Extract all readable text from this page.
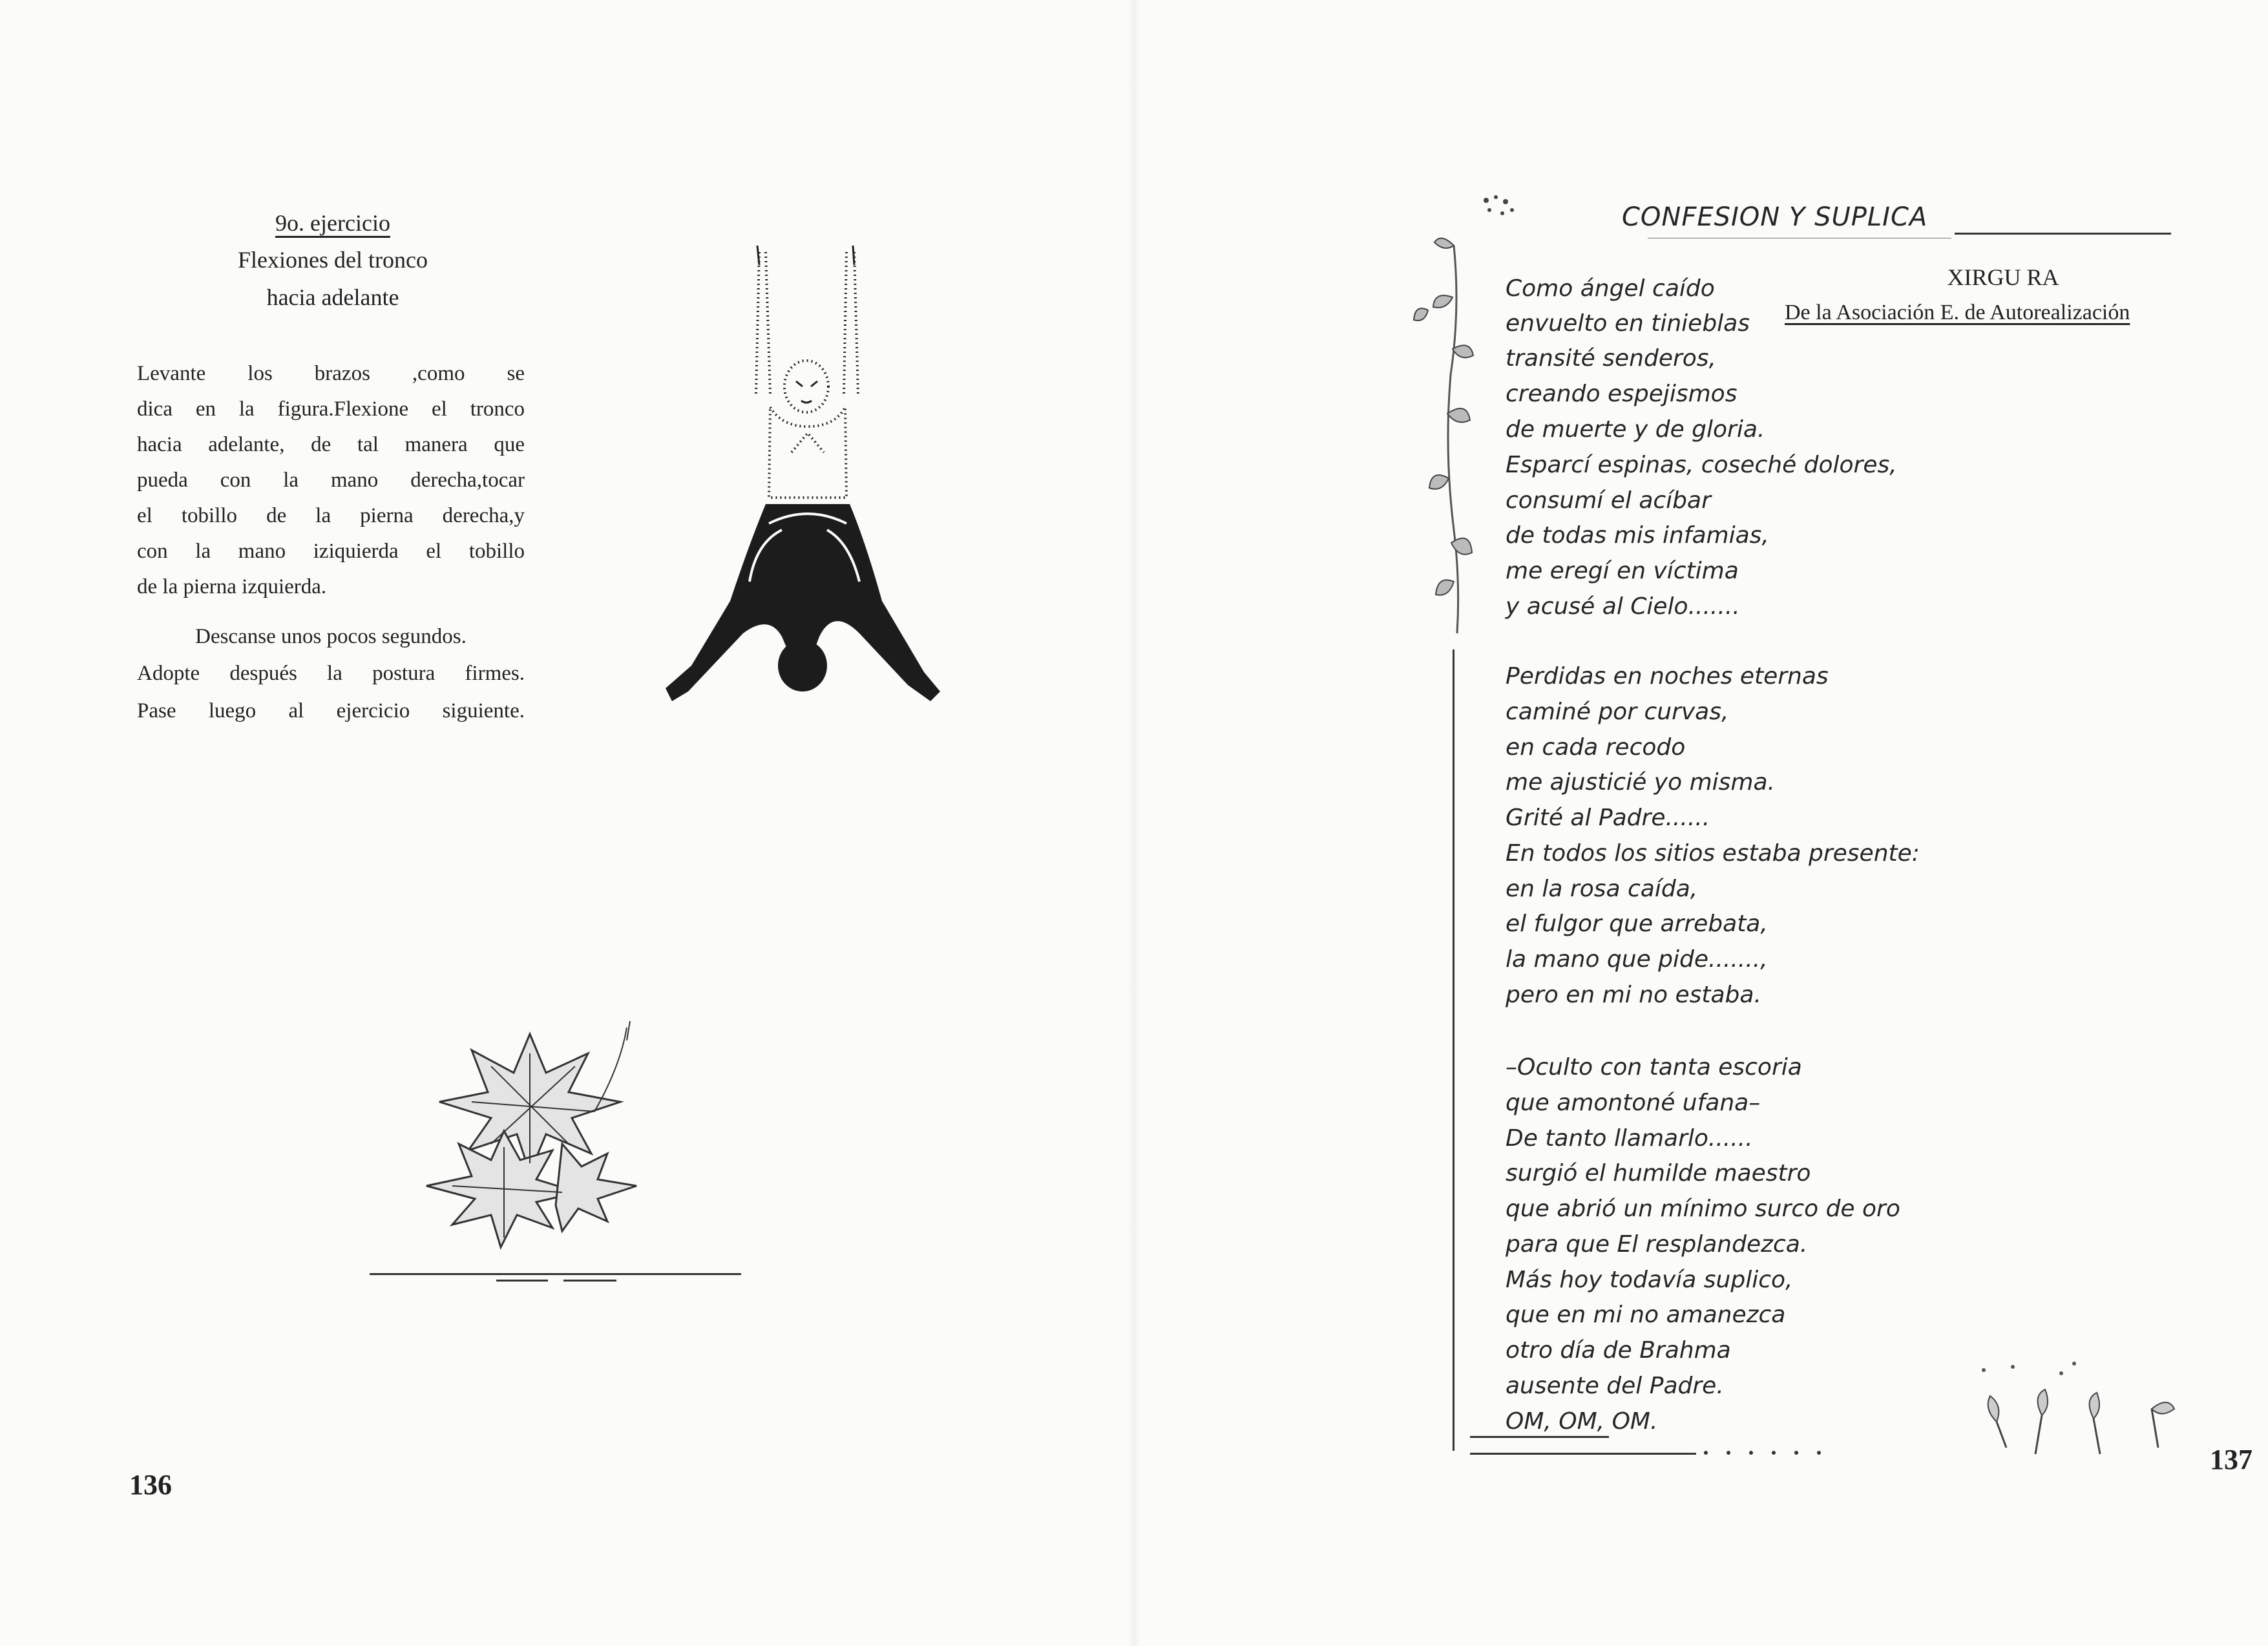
9o. ejercicio
Flexiones del tronco
hacia adelante
Levante los brazos ,como se
dica en la figura.Flexione el tronco
hacia adelante, de tal manera que
pueda con la mano derecha,tocar
el tobillo de la pierna derecha,y
con la mano iziquierda el tobillo
de la pierna izquierda.
Descanse unos pocos segundos.
Adopte después la postura firmes.
Pase luego al ejercicio siguiente.
136
CONFESION Y SUPLICA
XIRGU RA
De la Asociación E. de Autorealización
Como ángel caído
envuelto en tinieblas
transité senderos,
creando espejismos
de muerte y de gloria.
Esparcí espinas, coseché dolores,
consumí el acíbar
de todas mis infamias,
me eregí en víctima
y acusé al Cielo.......
Perdidas en noches eternas
caminé por curvas,
en cada recodo
me ajusticié yo misma.
Grité al Padre......
En todos los sitios estaba presente:
en la rosa caída,
el fulgor que arrebata,
la mano que pide.......,
pero en mi no estaba.
–Oculto con tanta escoria
que amontoné ufana–
De tanto llamarlo......
surgió el humilde maestro
que abrió un mínimo surco de oro
para que El resplandezca.
Más hoy todavía suplico,
que en mi no amanezca
otro día de Brahma
ausente del Padre.
OM, OM, OM.
137
